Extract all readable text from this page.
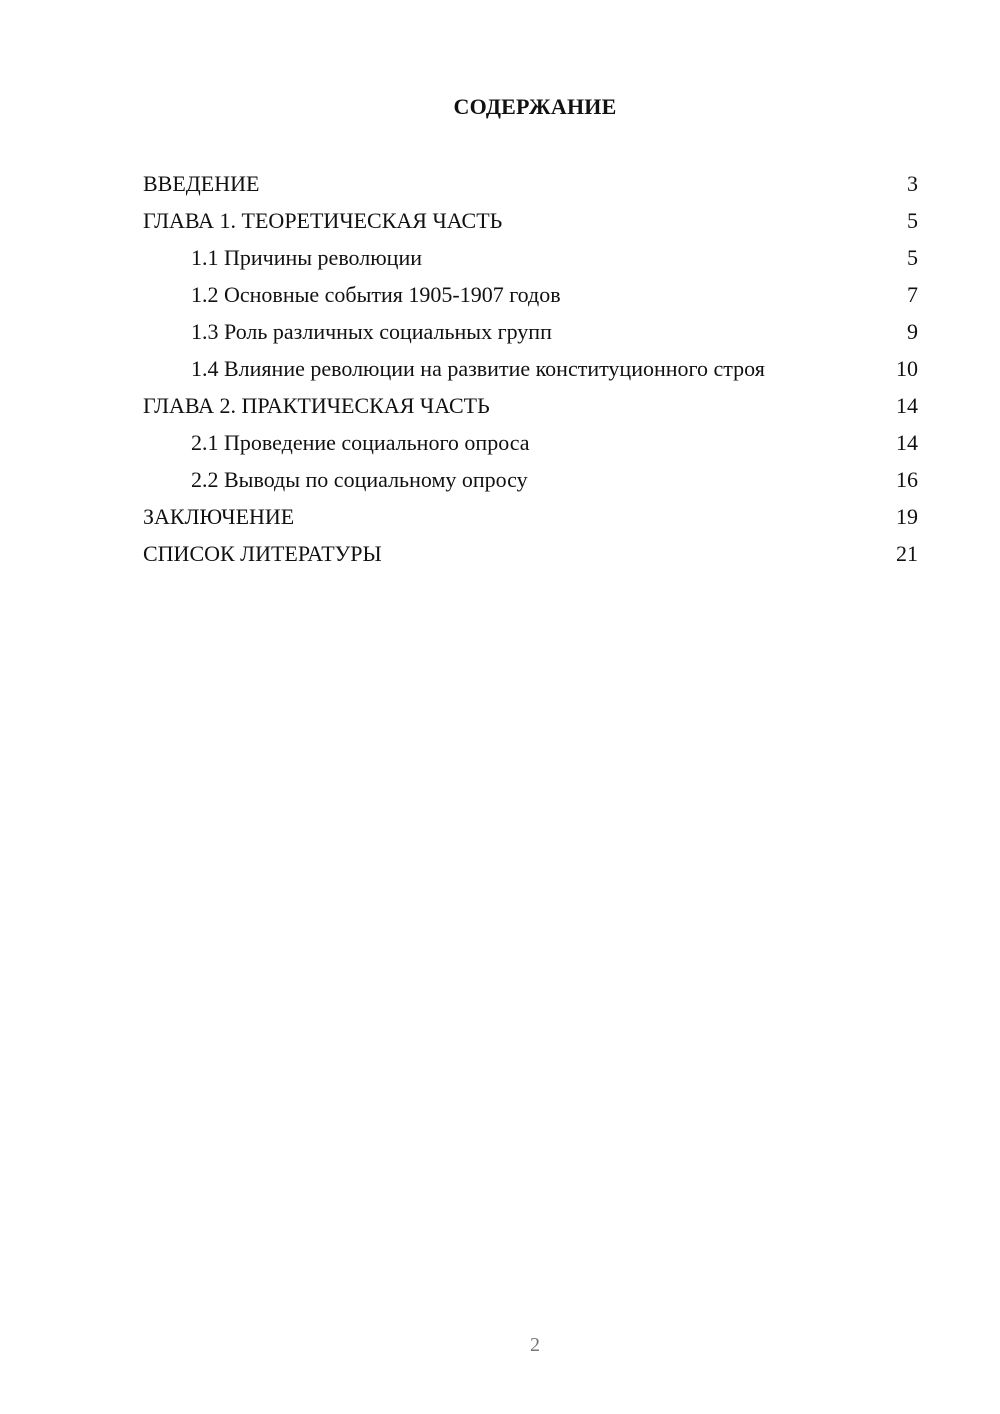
СОДЕРЖАНИЕ
ВВЕДЕНИЕ	3
ГЛАВА 1. ТЕОРЕТИЧЕСКАЯ ЧАСТЬ	5
1.1 Причины революции	5
1.2 Основные события 1905-1907 годов	7
1.3 Роль различных социальных групп	9
1.4 Влияние революции на развитие конституционного строя	10
ГЛАВА 2. ПРАКТИЧЕСКАЯ ЧАСТЬ	14
2.1 Проведение социального опроса	14
2.2 Выводы по социальному опросу	16
ЗАКЛЮЧЕНИЕ	19
СПИСОК ЛИТЕРАТУРЫ	21
2
